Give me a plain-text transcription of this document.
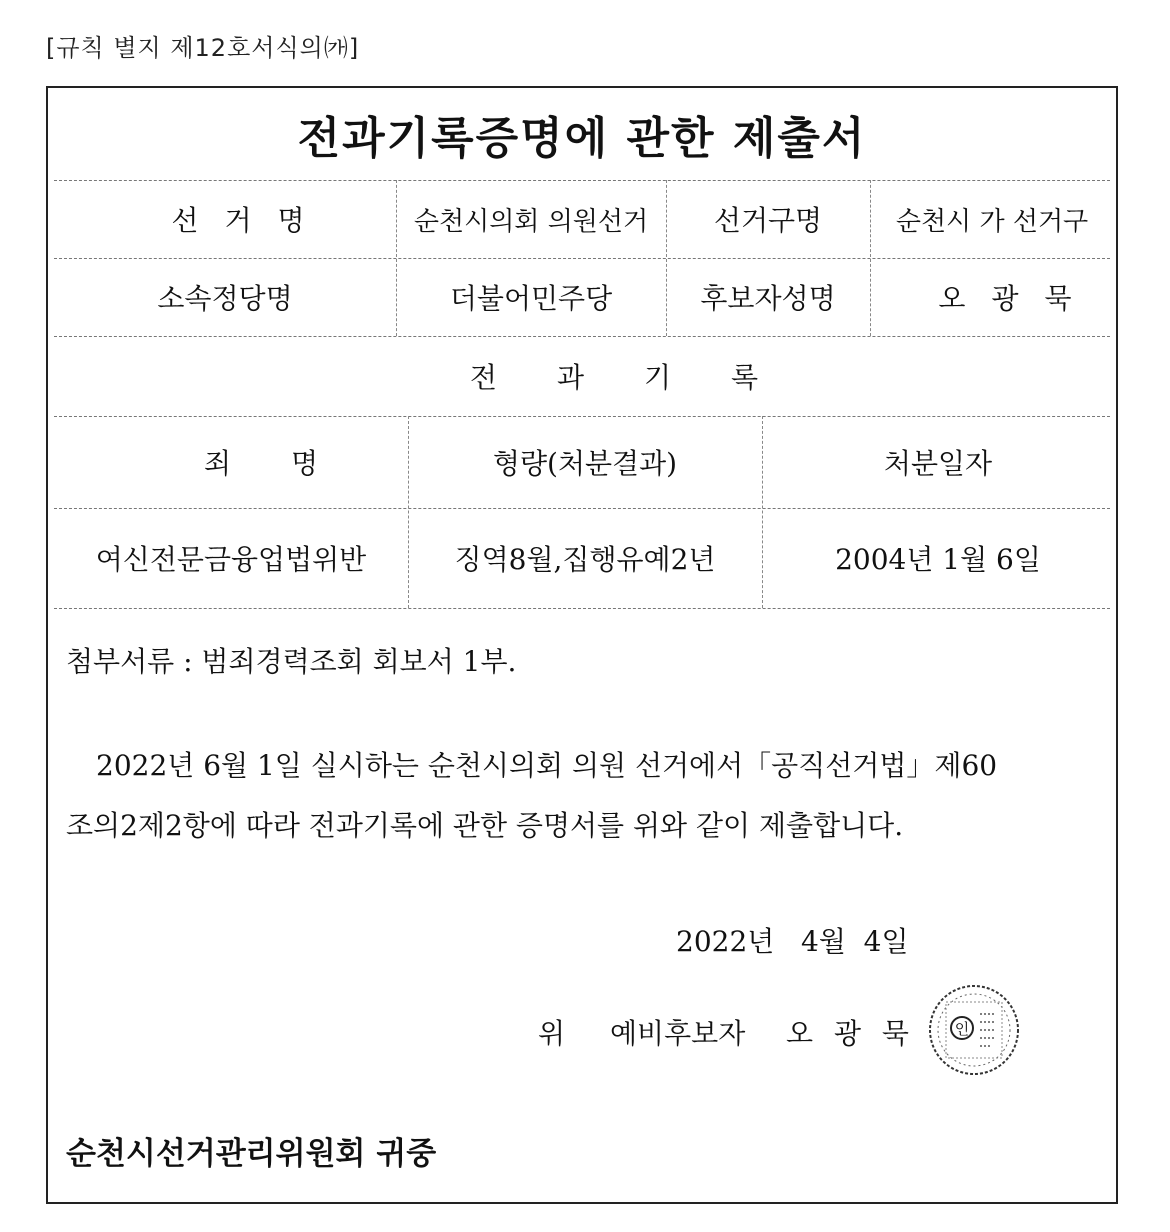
[규칙 별지 제12호서식의㈎]
전과기록증명에 관한 제출서
선거명	순천시의회 의원선거	선거구명	순천시 가 선거구
소속정당명	더불어민주당	후보자성명	오광묵
전과기록
죄명	형량(처분결과)	처분일자
여신전문금융업법위반	징역8월,집행유예2년	2004년 1월 6일
첨부서류 : 범죄경력조회 회보서 1부.
2022년 6월 1일 실시하는 순천시의회 의원 선거에서「공직선거법」제60
조의2제2항에 따라 전과기록에 관한 증명서를 위와 같이 제출합니다.
2022년   4월  4일
위 예비후보자 오 광 묵	인
순천시선거관리위원회 귀중
